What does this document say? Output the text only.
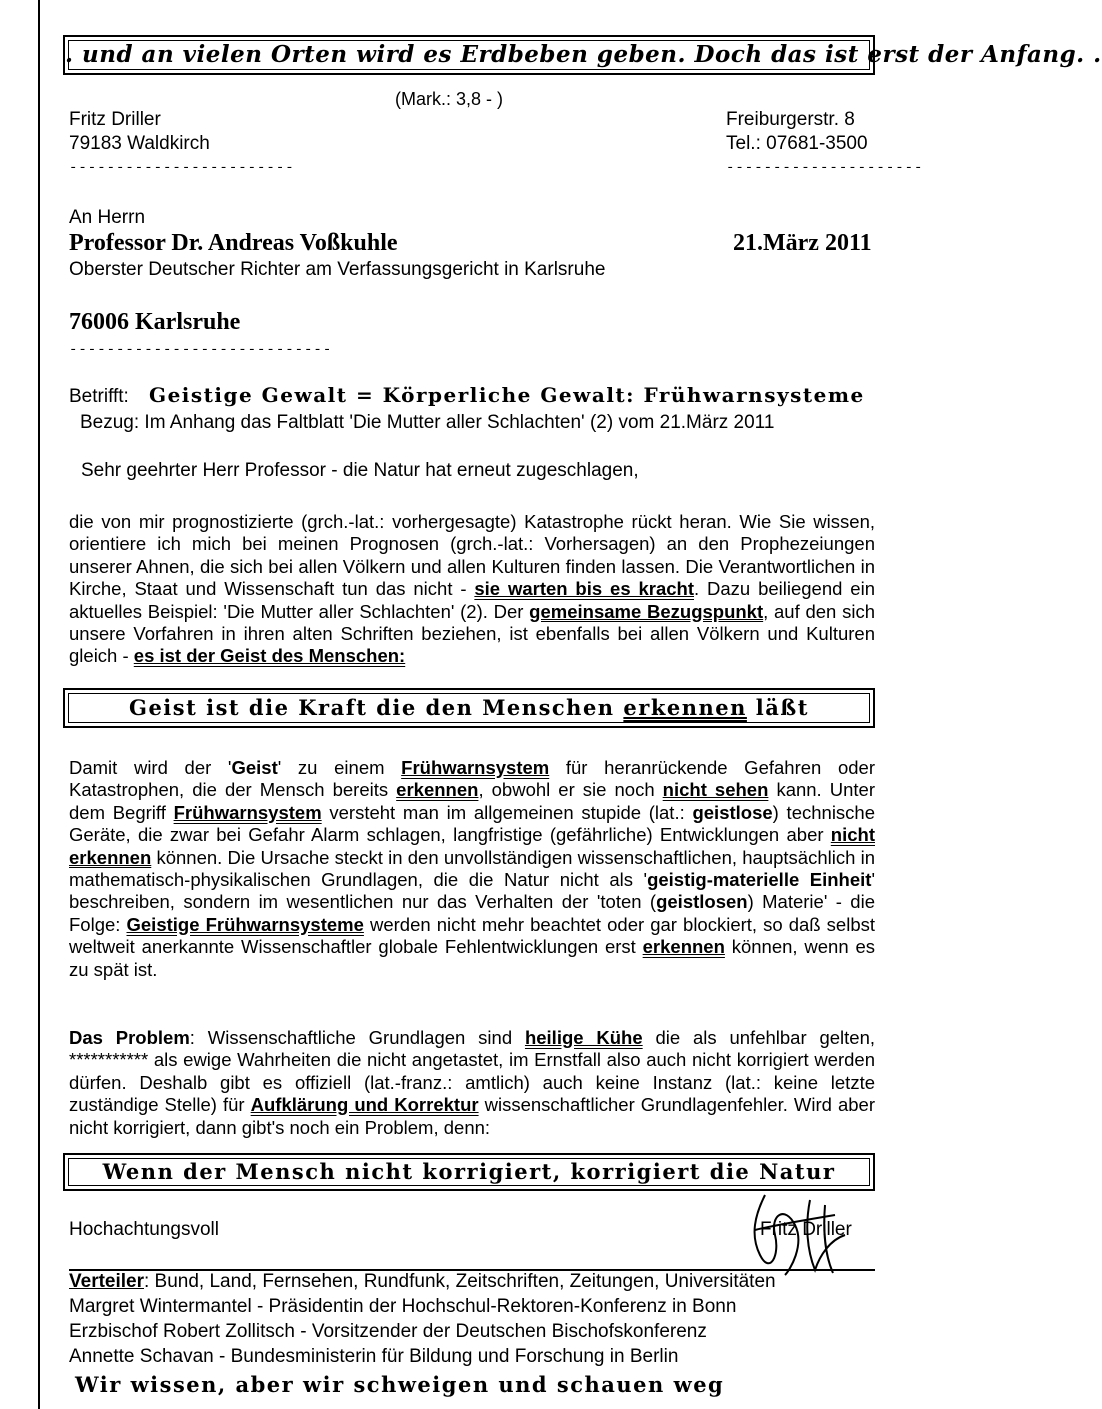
. und an vielen Orten wird es Erdbeben geben. Doch das ist erst der Anfang. .
(Mark.: 3,8 - )
Fritz Driller
79183 Waldkirch
------------------------
Freiburgerstr. 8
Tel.: 07681-3500
---------------------
An Herrn
Professor Dr. Andreas Voßkuhle	21.März 2011
Oberster Deutscher Richter am Verfassungsgericht in Karlsruhe
76006 Karlsruhe
----------------------------
Betrifft: Geistige Gewalt = Körperliche Gewalt: Frühwarnsysteme
Bezug: Im Anhang das Faltblatt 'Die Mutter aller Schlachten' (2) vom 21.März 2011
Sehr geehrter Herr Professor - die Natur hat erneut zugeschlagen,

die von mir prognostizierte (grch.-lat.: vorhergesagte) Katastrophe rückt heran. Wie Sie wissen, orientiere ich mich bei meinen Prognosen (grch.-lat.: Vorhersagen) an den Prophezeiungen unserer Ahnen, die sich bei allen Völkern und allen Kulturen finden lassen. Die Verantwortlichen in Kirche, Staat und Wissenschaft tun das nicht - sie warten bis es kracht. Dazu beiliegend ein aktuelles Beispiel: 'Die Mutter aller Schlachten' (2). Der gemeinsame Bezugspunkt, auf den sich unsere Vorfahren in ihren alten Schriften beziehen, ist ebenfalls bei allen Völkern und Kulturen gleich - es ist der Geist des Menschen:

Geist ist die Kraft die den Menschen erkennen läßt

Damit wird der 'Geist' zu einem Frühwarnsystem für heranrückende Gefahren oder Katastrophen, die der Mensch bereits erkennen, obwohl er sie noch nicht sehen kann. Unter dem Begriff Frühwarnsystem versteht man im allgemeinen stupide (lat.: geistlose) technische Geräte, die zwar bei Gefahr Alarm schlagen, langfristige (gefährliche) Entwicklungen aber nicht erkennen können. Die Ursache steckt in den unvollständigen wissenschaftlichen, hauptsächlich in mathematisch-physikalischen Grundlagen, die die Natur nicht als 'geistig-materielle Einheit' beschreiben, sondern im wesentlichen nur das Verhalten der 'toten (geistlosen) Materie' - die Folge: Geistige Frühwarnsysteme werden nicht mehr beachtet oder gar blockiert, so daß selbst weltweit anerkannte Wissenschaftler globale Fehlentwicklungen erst erkennen können, wenn es zu spät ist.

Das Problem: Wissenschaftliche Grundlagen sind heilige Kühe die als unfehlbar gelten, *********** als ewige Wahrheiten die nicht angetastet, im Ernstfall also auch nicht korrigiert werden dürfen. Deshalb gibt es offiziell (lat.-franz.: amtlich) auch keine Instanz (lat.: keine letzte zuständige Stelle) für Aufklärung und Korrektur wissenschaftlicher Grundlagenfehler. Wird aber nicht korrigiert, dann gibt's noch ein Problem, denn:

Wenn der Mensch nicht korrigiert, korrigiert die Natur
Hochachtungsvoll	Fritz Driller
Verteiler: Bund, Land, Fernsehen, Rundfunk, Zeitschriften, Zeitungen, Universitäten
Margret Wintermantel - Präsidentin der Hochschul-Rektoren-Konferenz in Bonn
Erzbischof Robert Zollitsch - Vorsitzender der Deutschen Bischofskonferenz
Annette Schavan - Bundesministerin für Bildung und Forschung in Berlin
Wir wissen, aber wir schweigen und schauen weg
